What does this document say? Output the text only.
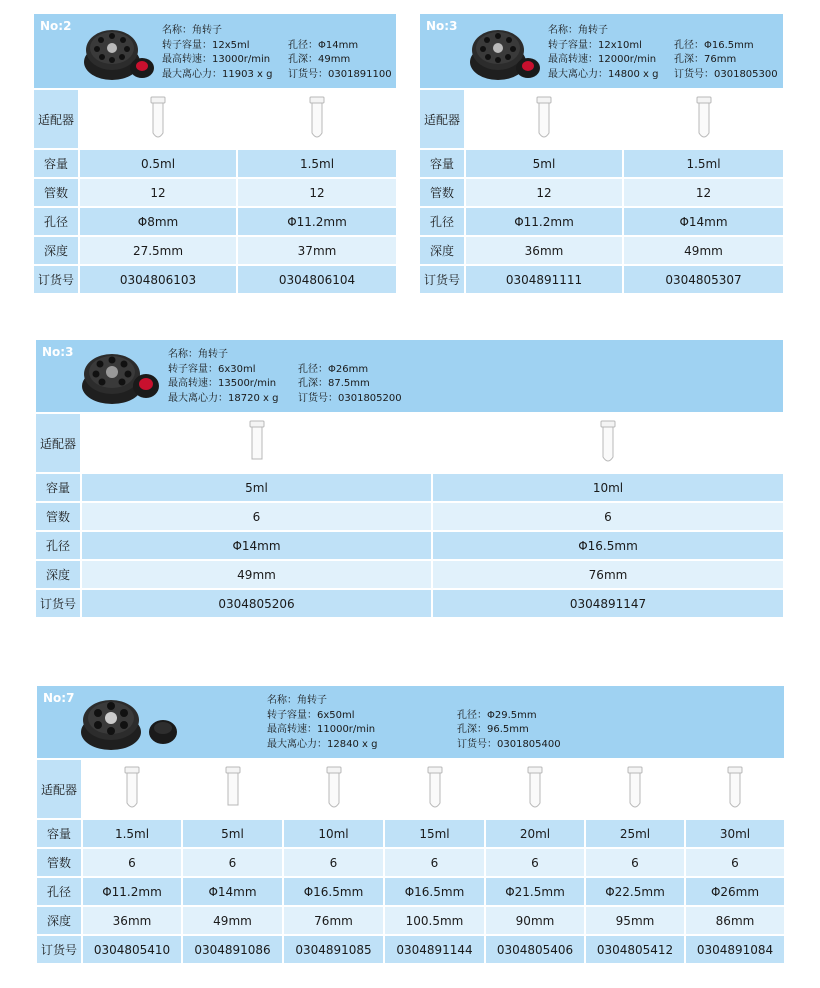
No:2	名称：角转子
转子容量：12x5ml
最高转速：13000r/min
最大离心力：11903 x g
孔径：Φ14mm
孔深：49mm
订货号：0301891100
适配器
容量	0.5ml	1.5ml
管数	12	12
孔径	Φ8mm	Φ11.2mm
深度	27.5mm	37mm
订货号	0304806103	0304806104
No:3	名称：角转子
转子容量：12x10ml
最高转速：12000r/min
最大离心力：14800 x g
孔径：Φ16.5mm
孔深：76mm
订货号：0301805300
适配器
容量	5ml	1.5ml
管数	12	12
孔径	Φ11.2mm	Φ14mm
深度	36mm	49mm
订货号	0304891111	0304805307
No:3	名称：角转子
转子容量：6x30ml
最高转速：13500r/min
最大离心力：18720 x g
孔径：Φ26mm
孔深：87.5mm
订货号：0301805200
适配器
容量	5ml	10ml
管数	6	6
孔径	Φ14mm	Φ16.5mm
深度	49mm	76mm
订货号	0304805206	0304891147
No:7	名称：角转子
转子容量：6x50ml
最高转速：11000r/min
最大离心力：12840 x g
孔径：Φ29.5mm
孔深：96.5mm
订货号：0301805400
适配器
容量	1.5ml	5ml	10ml	15ml	20ml	25ml	30ml
管数	6	6	6	6	6	6	6
孔径	Φ11.2mm	Φ14mm	Φ16.5mm	Φ16.5mm	Φ21.5mm	Φ22.5mm	Φ26mm
深度	36mm	49mm	76mm	100.5mm	90mm	95mm	86mm
订货号	0304805410	0304891086	0304891085	0304891144	0304805406	0304805412	0304891084
